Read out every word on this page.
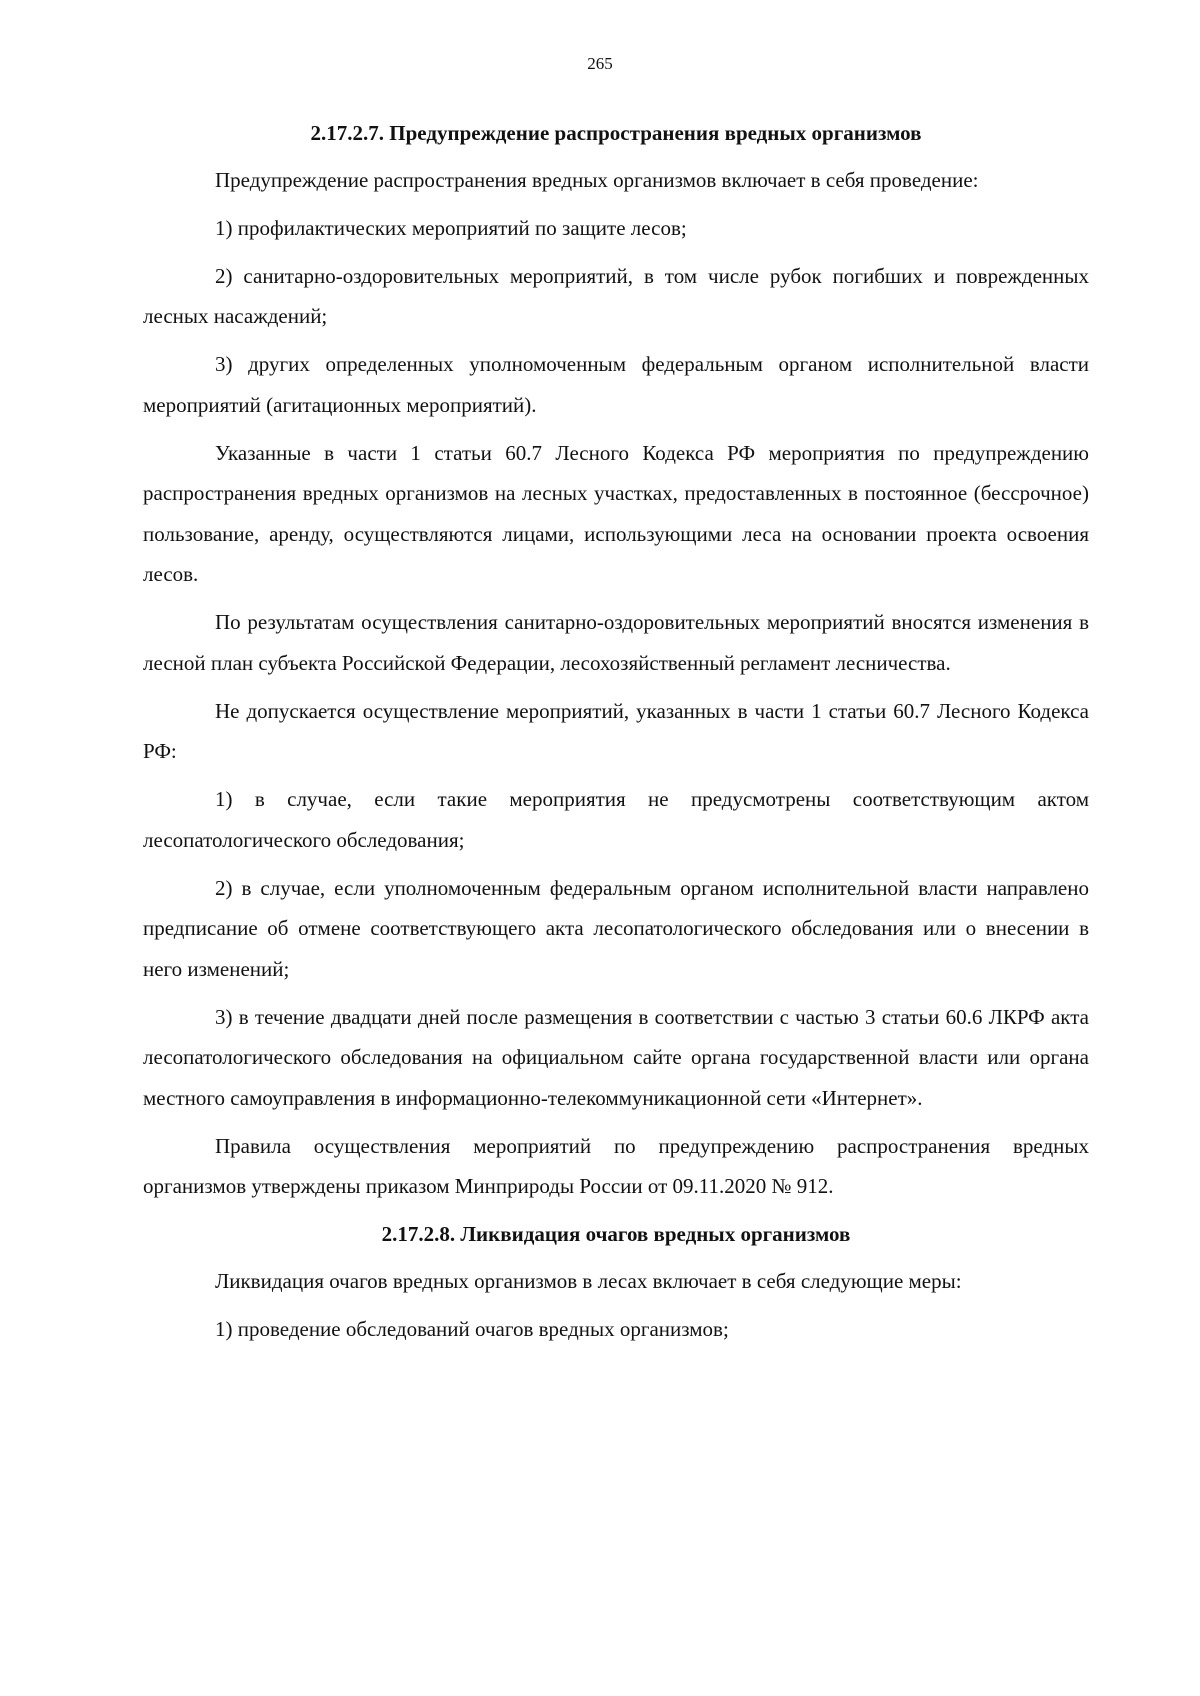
265
2.17.2.7. Предупреждение распространения вредных организмов

Предупреждение распространения вредных организмов включает в себя проведение:

1) профилактических мероприятий по защите лесов;

2) санитарно-оздоровительных мероприятий, в том числе рубок погибших и поврежденных лесных насаждений;

3) других определенных уполномоченным федеральным органом исполнительной власти мероприятий (агитационных мероприятий).

Указанные в части 1 статьи 60.7 Лесного Кодекса РФ мероприятия по предупреждению распространения вредных организмов на лесных участках, предоставленных в постоянное (бессрочное) пользование, аренду, осуществляются лицами, использующими леса на основании проекта освоения лесов.

По результатам осуществления санитарно-оздоровительных мероприятий вносятся изменения в лесной план субъекта Российской Федерации, лесохозяйственный регламент лесничества.

Не допускается осуществление мероприятий, указанных в части 1 статьи 60.7 Лесного Кодекса РФ:

1) в случае, если такие мероприятия не предусмотрены соответствующим актом лесопатологического обследования;

2) в случае, если уполномоченным федеральным органом исполнительной власти направлено предписание об отмене соответствующего акта лесопатологического обследования или о внесении в него изменений;

3) в течение двадцати дней после размещения в соответствии с частью 3 статьи 60.6 ЛКРФ акта лесопатологического обследования на официальном сайте органа государственной власти или органа местного самоуправления в информационно-телекоммуникационной сети «Интернет».

Правила осуществления мероприятий по предупреждению распространения вредных организмов утверждены приказом Минприроды России от 09.11.2020 № 912.

2.17.2.8. Ликвидация очагов вредных организмов

Ликвидация очагов вредных организмов в лесах включает в себя следующие меры:

1) проведение обследований очагов вредных организмов;
